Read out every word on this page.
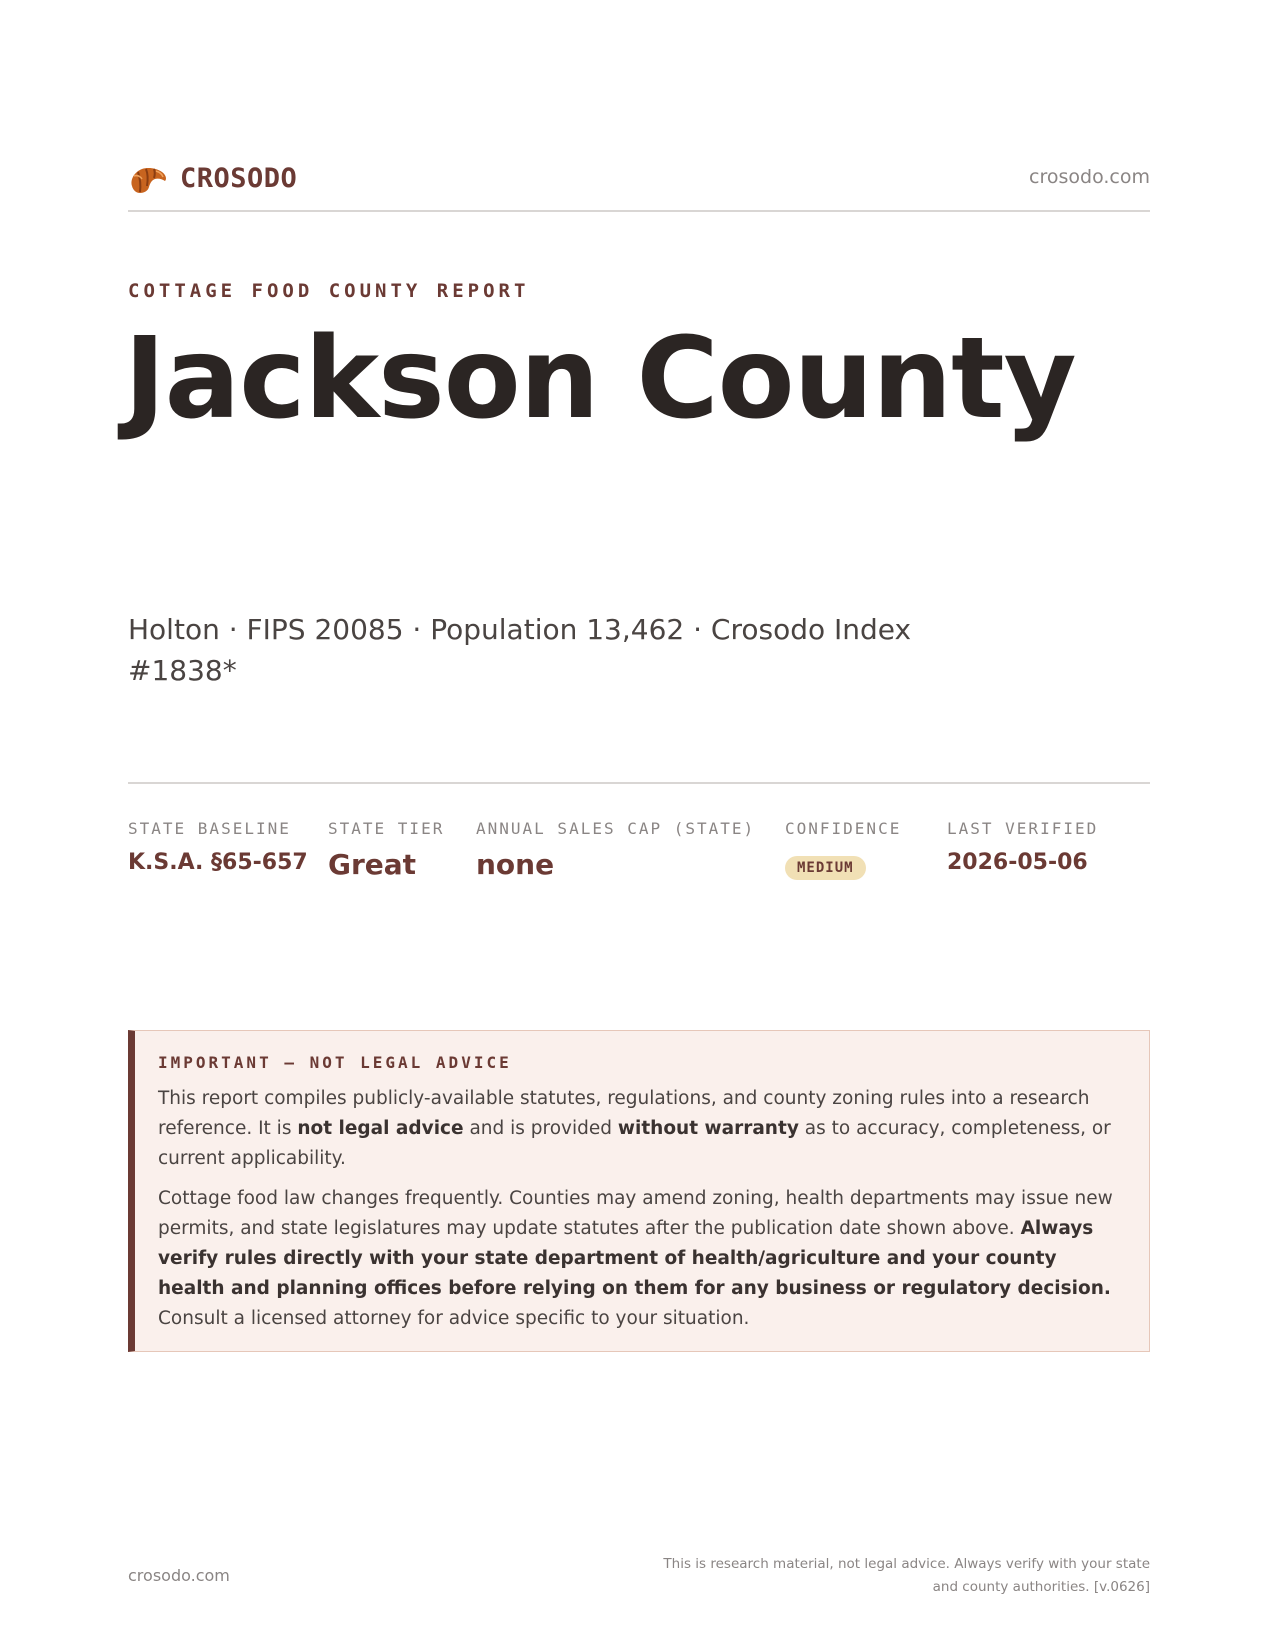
CROSODO	crosodo.com
COTTAGE FOOD COUNTY REPORT
Jackson County
Holton · FIPS 20085 · Population 13,462 · Crosodo Index #1838*
STATE BASELINE
K.S.A. §65-657
STATE TIER
Great
ANNUAL SALES CAP (STATE)
none
CONFIDENCE
MEDIUM
LAST VERIFIED
2026-05-06
IMPORTANT — NOT LEGAL ADVICE

This report compiles publicly-available statutes, regulations, and county zoning rules into a research reference. It is not legal advice and is provided without warranty as to accuracy, completeness, or current applicability.

Cottage food law changes frequently. Counties may amend zoning, health departments may issue new permits, and state legislatures may update statutes after the publication date shown above. Always verify rules directly with your state department of health/agriculture and your county health and planning offices before relying on them for any business or regulatory decision. Consult a licensed attorney for advice specific to your situation.

crosodo.com
This is research material, not legal advice. Always verify with your state
and county authorities. [v.0626]
